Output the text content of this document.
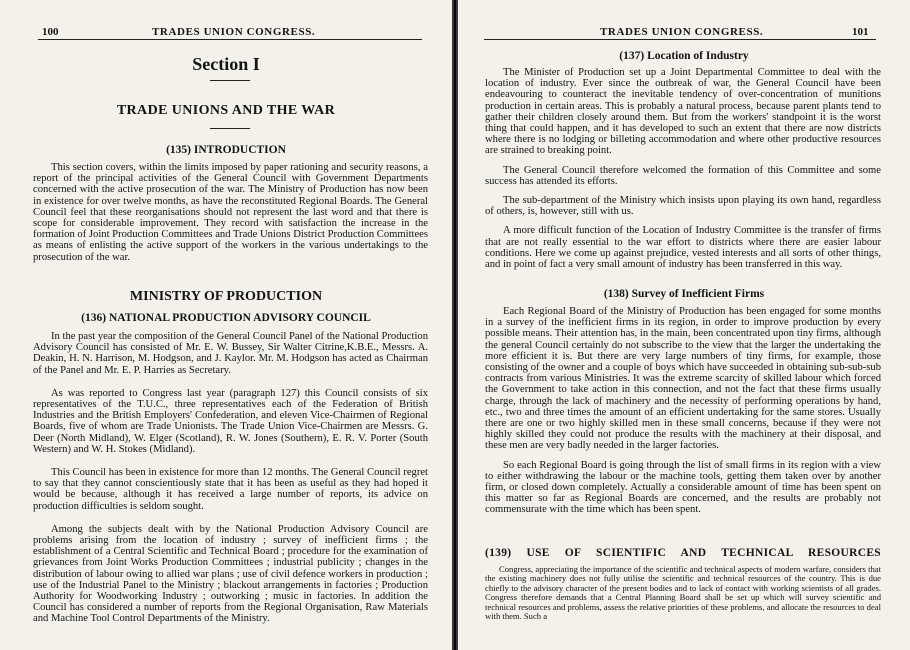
100	TRADES UNION CONGRESS.
Section I
TRADE UNIONS AND THE WAR
(135) INTRODUCTION

This section covers, within the limits imposed by paper rationing and security reasons, a report of the principal activities of the General Council with Government Departments concerned with the active prosecution of the war. The Ministry of Production has now been in existence for over twelve months, as have the reconstituted Regional Boards. The General Council feel that these reorganisations should not represent the last word and that there is scope for considerable improvement. They record with satisfaction the increase in the formation of Joint Production Committees and Trade Unions District Production Committees as means of enlisting the active support of the workers in the various undertakings to the prosecution of the war.

MINISTRY OF PRODUCTION
(136) NATIONAL PRODUCTION ADVISORY COUNCIL

In the past year the composition of the General Council Panel of the National Production Advisory Council has consisted of Mr. E. W. Bussey, Sir Walter Citrine,K.B.E., Messrs. A. Deakin, H. N. Harrison, M. Hodgson, and J. Kaylor. Mr. M. Hodgson has acted as Chairman of the Panel and Mr. E. P. Harries as Secretary.

As was reported to Congress last year (paragraph 127) this Council consists of six representatives of the T.U.C., three representatives each of the Federation of British Industries and the British Employers' Confederation, and eleven Vice-Chairmen of Regional Boards, five of whom are Trade Unionists. The Trade Union Vice-Chairmen are Messrs. G. Deer (North Midland), W. Elger (Scotland), R. W. Jones (Southern), E. R. V. Porter (South Western) and W. H. Stokes (Midland).

This Council has been in existence for more than 12 months. The General Council regret to say that they cannot conscientiously state that it has been as useful as they had hoped it would be because, although it has received a large number of reports, its advice on production difficulties is seldom sought.

Among the subjects dealt with by the National Production Advisory Council are problems arising from the location of industry ; survey of inefficient firms ; the establishment of a Central Scientific and Technical Board ; procedure for the examination of grievances from Joint Works Production Committees ; industrial publicity ; changes in the distribution of labour owing to allied war plans ; use of civil defence workers in production ; use of the Industrial Panel to the Ministry ; blackout arrangements in factories ; Production Authority for Woodworking Industry ; outworking ; music in factories. In addition the Council has considered a number of reports from the Regional Organisation, Raw Materials and Machine Tool Control Departments of the Ministry.

TRADES UNION CONGRESS.	101
(137) Location of Industry

The Minister of Production set up a Joint Departmental Committee to deal with the location of industry. Ever since the outbreak of war, the General Council have been endeavouring to counteract the inevitable tendency of over-concentration of munitions production in certain areas. This is probably a natural process, because parent plants tend to gather their children closely around them. But from the workers' standpoint it is the worst thing that could happen, and it has developed to such an extent that there are now districts where there is no lodging or billeting accommodation and where other productive resources are strained to breaking point.

The General Council therefore welcomed the formation of this Committee and some success has attended its efforts.

The sub-department of the Ministry which insists upon playing its own hand, regardless of others, is, however, still with us.

A more difficult function of the Location of Industry Committee is the transfer of firms that are not really essential to the war effort to districts where there are easier labour conditions. Here we come up against prejudice, vested interests and all sorts of other things, and in point of fact a very small amount of industry has been transferred in this way.

(138) Survey of Inefficient Firms

Each Regional Board of the Ministry of Production has been engaged for some months in a survey of the inefficient firms in its region, in order to improve production by every possible means. Their attention has, in the main, been concentrated upon tiny firms, although the general Council certainly do not subscribe to the view that the larger the undertaking the more efficient it is. But there are very large numbers of tiny firms, for example, those consisting of the owner and a couple of boys which have succeeded in obtaining sub-sub-sub contracts from various Ministries. It was the extreme scarcity of skilled labour which forced the Government to take action in this connection, and not the fact that these firms usually charge, through the lack of machinery and the necessity of performing operations by hand, etc., two and three times the amount of an efficient undertaking for the same stores. Usually there are one or two highly skilled men in these small concerns, because if they were not highly skilled they could not produce the results with the machinery at their disposal, and these men are very badly needed in the larger factories.

So each Regional Board is going through the list of small firms in its region with a view to either withdrawing the labour or the machine tools, getting them taken over by another firm, or closed down completely. Actually a considerable amount of time has been spent on this matter so far as Regional Boards are concerned, and the results are probably not commensurate with the time which has been spent.

(139) USE OF SCIENTIFIC AND TECHNICAL RESOURCES

Congress, appreciating the importance of the scientific and technical aspects of modern warfare, considers that the existing machinery does not fully utilise the scientific and technical resources of the country. This is due chiefly to the advisory character of the present bodies and to lack of contact with working scientists of all grades. Congress therefore demands that a Central Planning Board shall be set up which will survey scientific and technical resources and problems, assess the relative priorities of these problems, and allocate the resources to deal with them. Such a
